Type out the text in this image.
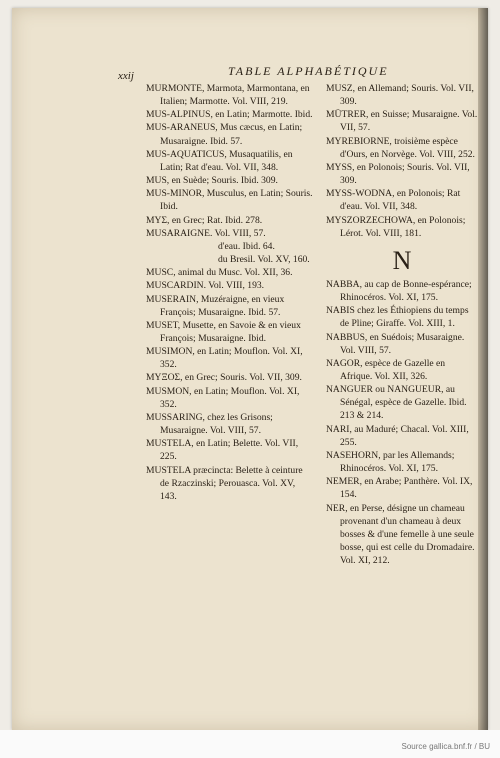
xxij	TABLE ALPHABÉTIQUE

MURMONTE, Marmota, Marmontana, en Italien; Marmotte. Vol. VIII, 219.

MUS-ALPINUS, en Latin; Marmotte. Ibid.

MUS-ARANEUS, Mus cæcus, en Latin; Musaraigne. Ibid. 57.

MUS-AQUATICUS, Musaquatilis, en Latin; Rat d'eau. Vol. VII, 348.

MUS, en Suède; Souris. Ibid. 309.

MUS-MINOR, Musculus, en Latin; Souris. Ibid.

ΜΥΣ, en Grec; Rat. Ibid. 278.

MUSARAIGNE. Vol. VIII, 57.

d'eau. Ibid. 64.

du Bresil. Vol. XV, 160.

MUSC, animal du Musc. Vol. XII, 36.

MUSCARDIN. Vol. VIII, 193.

MUSERAIN, Muzéraigne, en vieux François; Musaraigne. Ibid. 57.

MUSET, Musette, en Savoie & en vieux François; Musaraigne. Ibid.

MUSIMON, en Latin; Mouflon. Vol. XI, 352.

ΜΥΞΟΣ, en Grec; Souris. Vol. VII, 309.

MUSMON, en Latin; Mouflon. Vol. XI, 352.

MUSSARING, chez les Grisons; Musaraigne. Vol. VIII, 57.

MUSTELA, en Latin; Belette. Vol. VII, 225.

MUSTELA præcincta: Belette à ceinture de Rzaczinski; Perouasca. Vol. XV, 143.

MUSZ, en Allemand; Souris. Vol. VII, 309.

MÜTRER, en Suisse; Musaraigne. Vol. VII, 57.

MYREBIORNE, troisième espèce d'Ours, en Norvège. Vol. VIII, 252.

MYSS, en Polonois; Souris. Vol. VII, 309.

MYSS-WODNA, en Polonois; Rat d'eau. Vol. VII, 348.

MYSZORZECHOWA, en Polonois; Lérot. Vol. VIII, 181.

N

NABBA, au cap de Bonne-espérance; Rhinocéros. Vol. XI, 175.

NABIS chez les Éthiopiens du temps de Pline; Giraffe. Vol. XIII, 1.

NABBUS, en Suédois; Musaraigne. Vol. VIII, 57.

NAGOR, espèce de Gazelle en Afrique. Vol. XII, 326.

NANGUER ou NANGUEUR, au Sénégal, espèce de Gazelle. Ibid. 213 & 214.

NARI, au Maduré; Chacal. Vol. XIII, 255.

NASEHORN, par les Allemands; Rhinocéros. Vol. XI, 175.

NEMER, en Arabe; Panthère. Vol. IX, 154.

NER, en Perse, désigne un chameau provenant d'un chameau à deux bosses & d'une femelle à une seule bosse, qui est celle du Dromadaire. Vol. XI, 212.

Source gallica.bnf.fr / BU
